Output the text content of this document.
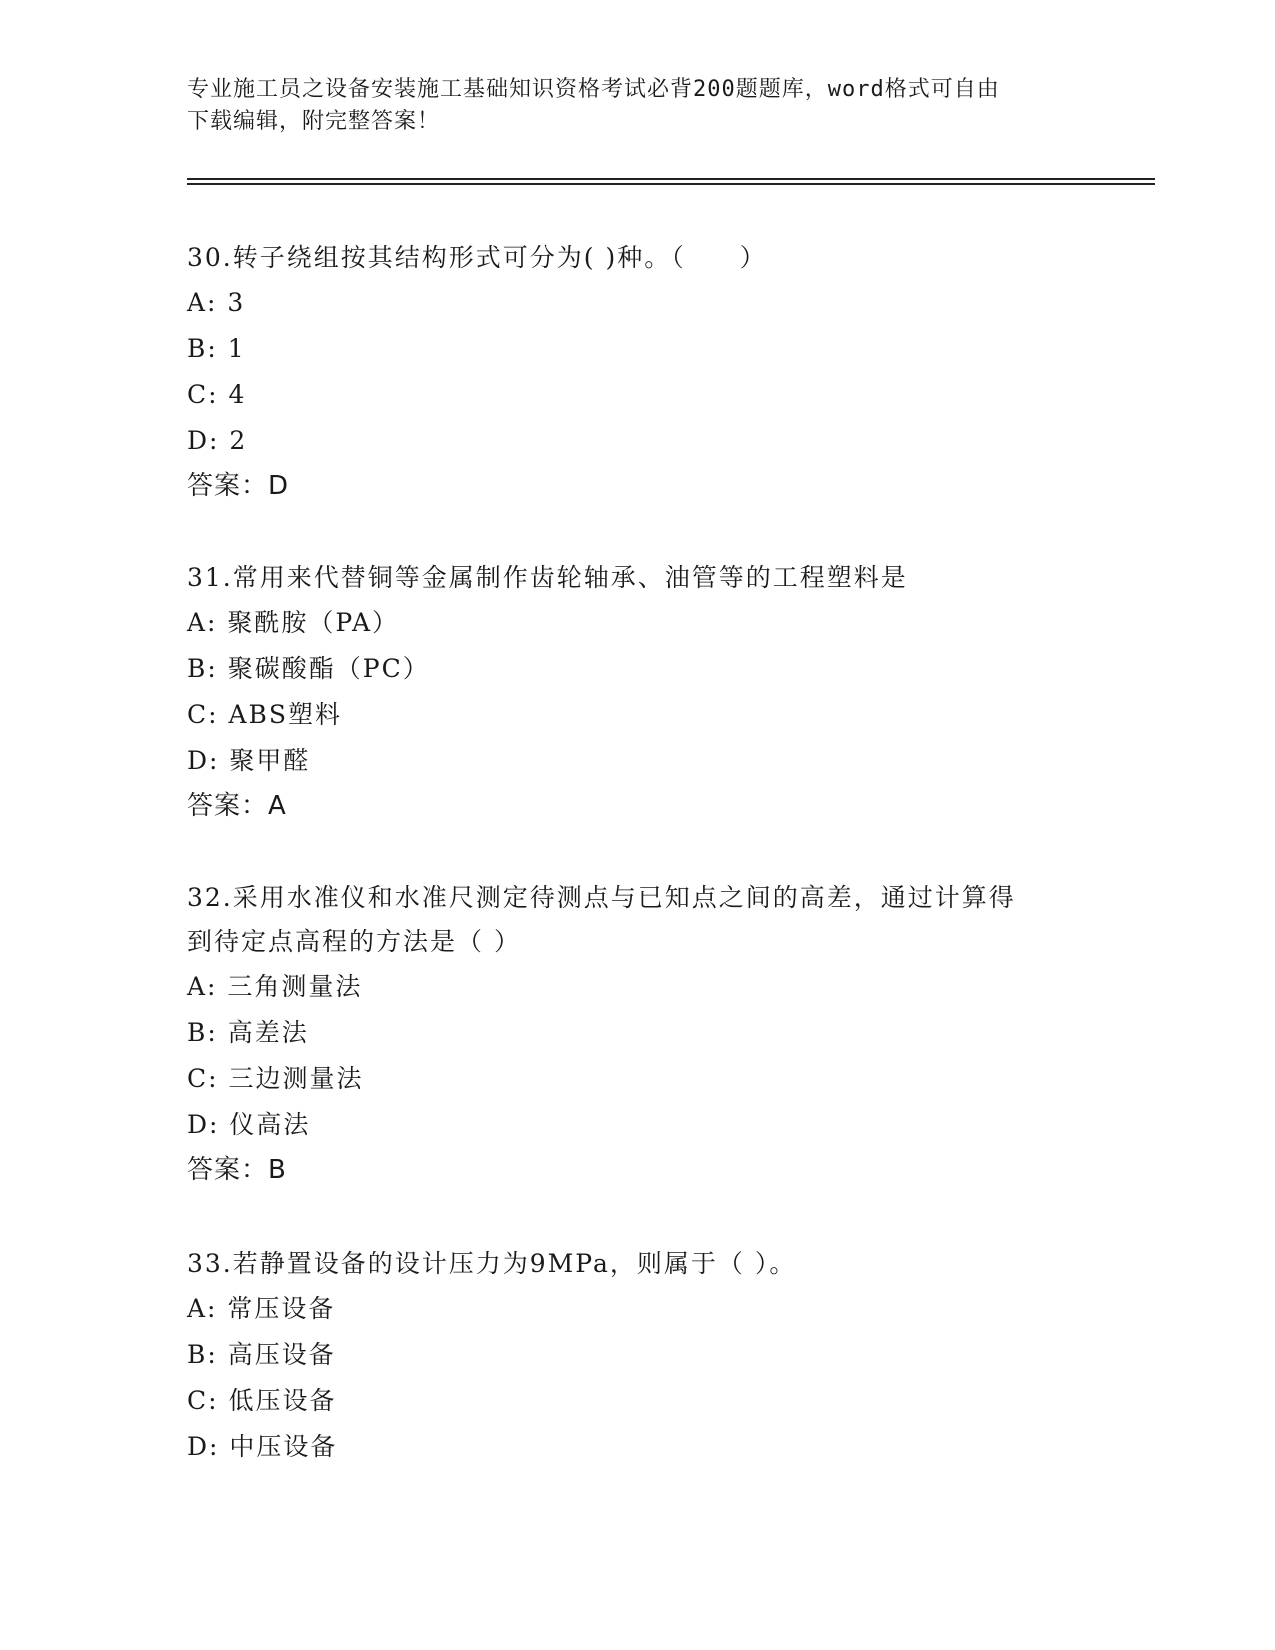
专业施工员之设备安装施工基础知识资格考试必背200题题库，word格式可自由
下载编辑，附完整答案！

30.转子绕组按其结构形式可分为( )种。（　　）

A: 3
B: 1
C: 4
D: 2
答案：D

31.常用来代替铜等金属制作齿轮轴承、油管等的工程塑料是

A: 聚酰胺（PA）
B: 聚碳酸酯（PC）
C: ABS塑料
D: 聚甲醛
答案：A

32.采用水准仪和水准尺测定待测点与已知点之间的高差，通过计算得

到待定点高程的方法是（ ）

A: 三角测量法
B: 高差法
C: 三边测量法
D: 仪高法
答案：B

33.若静置设备的设计压力为9MPa，则属于（ ）。

A: 常压设备
B: 高压设备
C: 低压设备
D: 中压设备
